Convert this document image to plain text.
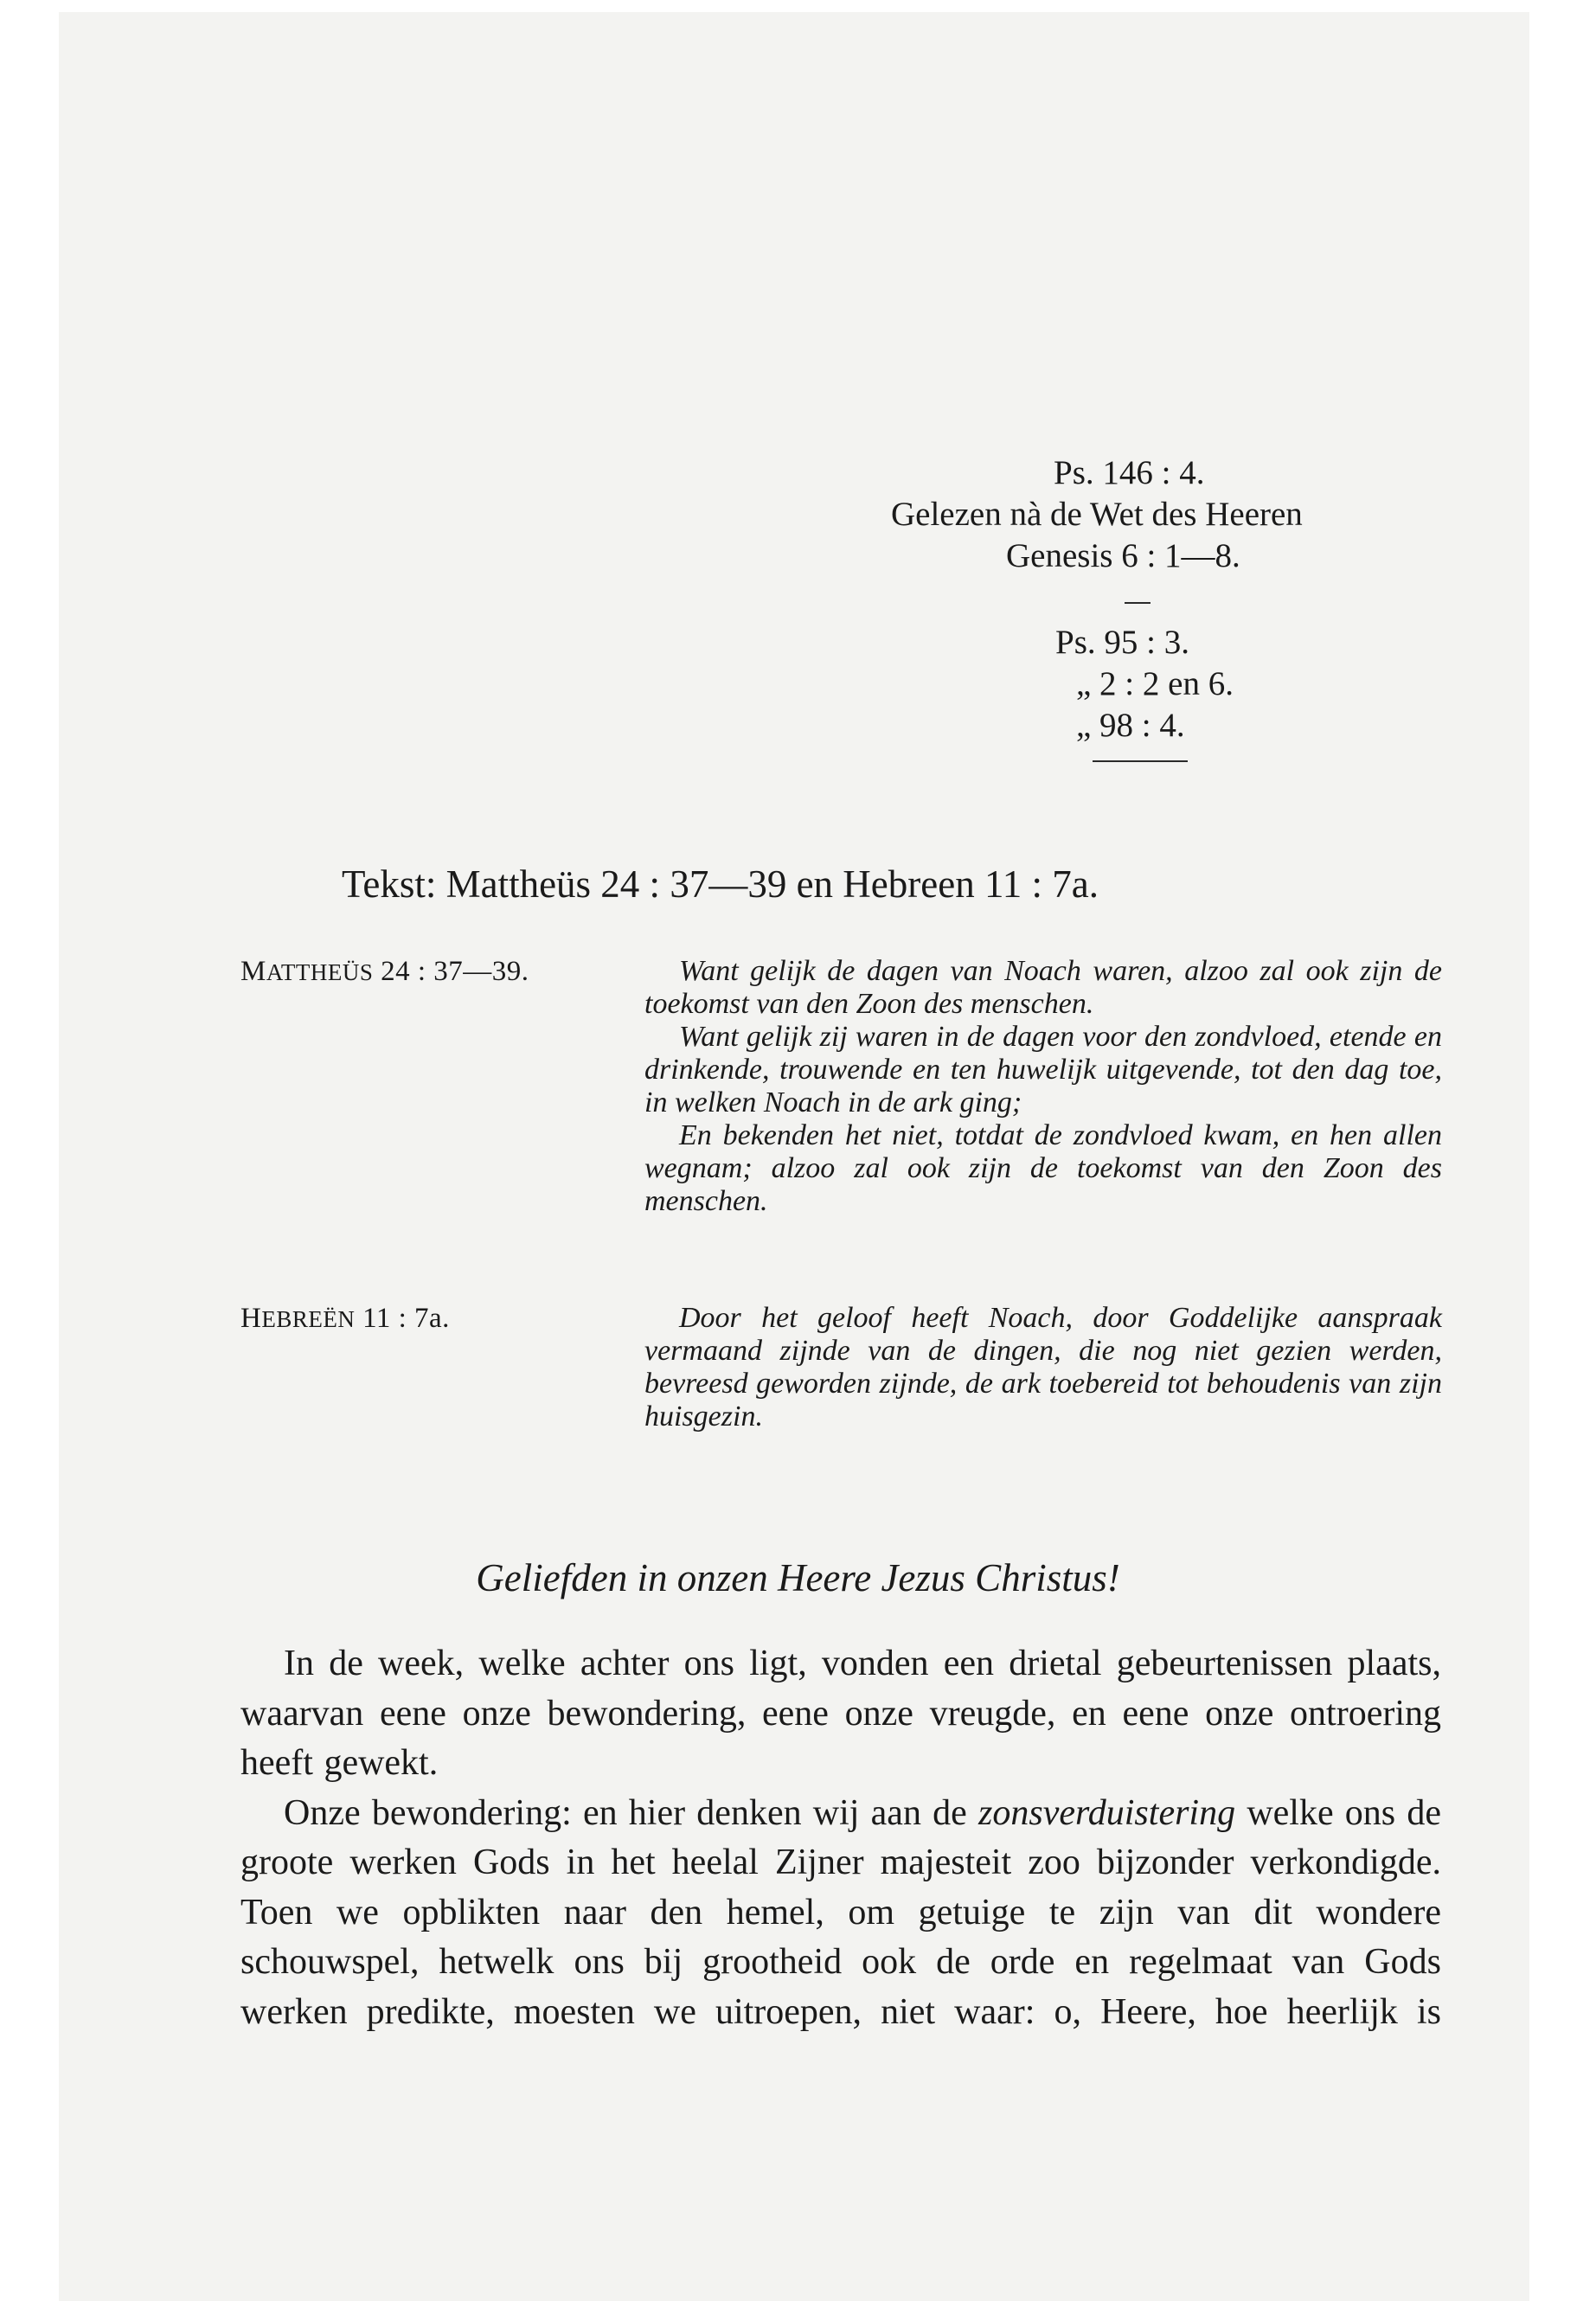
Ps. 146 : 4.
Gelezen nà de Wet des Heeren
Genesis 6 : 1—8.
Ps. 95 : 3.
„ 2 : 2 en 6.
„ 98 : 4.
Tekst: Mattheüs 24 : 37—39 en Hebreen 11 : 7a.
MATTHEÜS 24 : 37—39.	Want gelijk de dagen van Noach waren, alzoo zal ook zijn de toekomst van den Zoon des menschen.

Want gelijk zij waren in de dagen voor den zondvloed, etende en drinkende, trouwende en ten huwelijk uitgevende, tot den dag toe, in welken Noach in de ark ging;

En bekenden het niet, totdat de zondvloed kwam, en hen allen wegnam; alzoo zal ook zijn de toekomst van den Zoon des menschen.

HEBREËN 11 : 7a.	Door het geloof heeft Noach, door Goddelijke aanspraak vermaand zijnde van de dingen, die nog niet gezien werden, bevreesd geworden zijnde, de ark toebereid tot behoudenis van zijn huisgezin.

Geliefden in onzen Heere Jezus Christus!

In de week, welke achter ons ligt, vonden een drietal gebeurtenissen plaats, waarvan eene onze bewondering, eene onze vreugde, en eene onze ontroering heeft gewekt.

Onze bewondering: en hier denken wij aan de zonsverduistering welke ons de groote werken Gods in het heelal Zijner majesteit zoo bijzonder verkondigde. Toen we opblikten naar den hemel, om getuige te zijn van dit wondere schouwspel, hetwelk ons bij grootheid ook de orde en regelmaat van Gods werken predikte, moesten we uitroepen, niet waar: o, Heere, hoe heerlijk is
